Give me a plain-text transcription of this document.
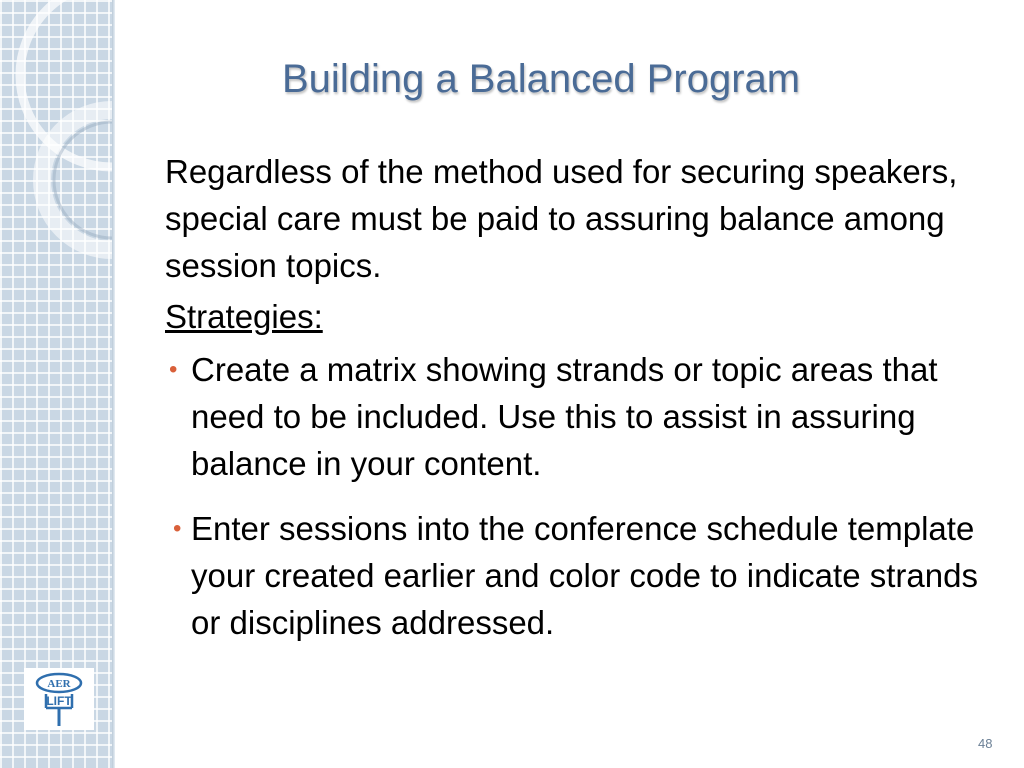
AER
LIFT
Building a Balanced Program

Regardless of the method used for securing speakers, special care must be paid to assuring balance among session topics.

Strategies:

• Create a matrix showing strands or topic areas that need to be included. Use this to assist in assuring balance in your content.
• Enter sessions into the conference schedule template your created earlier and color code to indicate strands or disciplines addressed.
48
